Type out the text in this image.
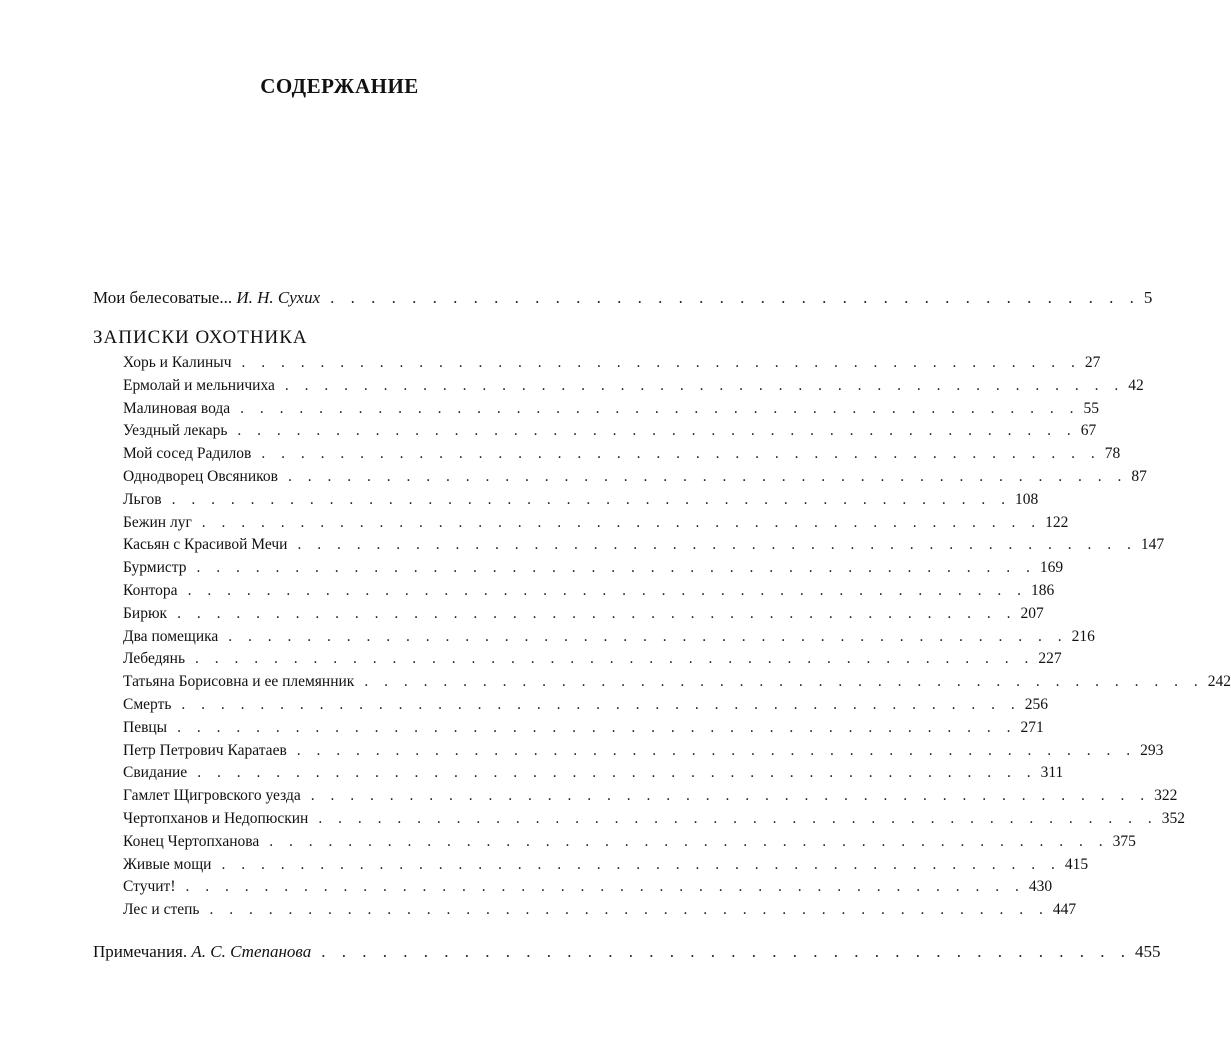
СОДЕРЖАНИЕ
Мои белесоватые... И. Н. Сухих . . . . . . . . . . . . . . . . . . . . . . . . . . . . . . . . . . . . . . . . 5
ЗАПИСКИ ОХОТНИКА
Хорь и Калиныч . . . . . . . . . . . . . . . . . . . . . . . . . . . . . . . . . . . . . . . . . . . 27
Ермолай и мельничиха . . . . . . . . . . . . . . . . . . . . . . . . . . . . . . . . . . . . . . . . . . . 42
Малиновая вода . . . . . . . . . . . . . . . . . . . . . . . . . . . . . . . . . . . . . . . . . . . 55
Уездный лекарь . . . . . . . . . . . . . . . . . . . . . . . . . . . . . . . . . . . . . . . . . . . 67
Мой сосед Радилов . . . . . . . . . . . . . . . . . . . . . . . . . . . . . . . . . . . . . . . . . . . 78
Однодворец Овсяников . . . . . . . . . . . . . . . . . . . . . . . . . . . . . . . . . . . . . . . . . . . 87
Льгов . . . . . . . . . . . . . . . . . . . . . . . . . . . . . . . . . . . . . . . . . . . 108
Бежин луг . . . . . . . . . . . . . . . . . . . . . . . . . . . . . . . . . . . . . . . . . . . 122
Касьян с Красивой Мечи . . . . . . . . . . . . . . . . . . . . . . . . . . . . . . . . . . . . . . . . . . . 147
Бурмистр . . . . . . . . . . . . . . . . . . . . . . . . . . . . . . . . . . . . . . . . . . . 169
Контора . . . . . . . . . . . . . . . . . . . . . . . . . . . . . . . . . . . . . . . . . . . 186
Бирюк . . . . . . . . . . . . . . . . . . . . . . . . . . . . . . . . . . . . . . . . . . . 207
Два помещика . . . . . . . . . . . . . . . . . . . . . . . . . . . . . . . . . . . . . . . . . . . 216
Лебедянь . . . . . . . . . . . . . . . . . . . . . . . . . . . . . . . . . . . . . . . . . . . 227
Татьяна Борисовна и ее племянник . . . . . . . . . . . . . . . . . . . . . . . . . . . . . . . . . . . . . . . . . . . 242
Смерть . . . . . . . . . . . . . . . . . . . . . . . . . . . . . . . . . . . . . . . . . . . 256
Певцы . . . . . . . . . . . . . . . . . . . . . . . . . . . . . . . . . . . . . . . . . . . 271
Петр Петрович Каратаев . . . . . . . . . . . . . . . . . . . . . . . . . . . . . . . . . . . . . . . . . . . 293
Свидание . . . . . . . . . . . . . . . . . . . . . . . . . . . . . . . . . . . . . . . . . . . 311
Гамлет Щигровского уезда . . . . . . . . . . . . . . . . . . . . . . . . . . . . . . . . . . . . . . . . . . . 322
Чертопханов и Недопюскин . . . . . . . . . . . . . . . . . . . . . . . . . . . . . . . . . . . . . . . . . . . 352
Конец Чертопханова . . . . . . . . . . . . . . . . . . . . . . . . . . . . . . . . . . . . . . . . . . . 375
Живые мощи . . . . . . . . . . . . . . . . . . . . . . . . . . . . . . . . . . . . . . . . . . . 415
Стучит! . . . . . . . . . . . . . . . . . . . . . . . . . . . . . . . . . . . . . . . . . . . 430
Лес и степь . . . . . . . . . . . . . . . . . . . . . . . . . . . . . . . . . . . . . . . . . . . 447
Примечания. А. С. Степанова . . . . . . . . . . . . . . . . . . . . . . . . . . . . . . . . . . . . . . . . 455
